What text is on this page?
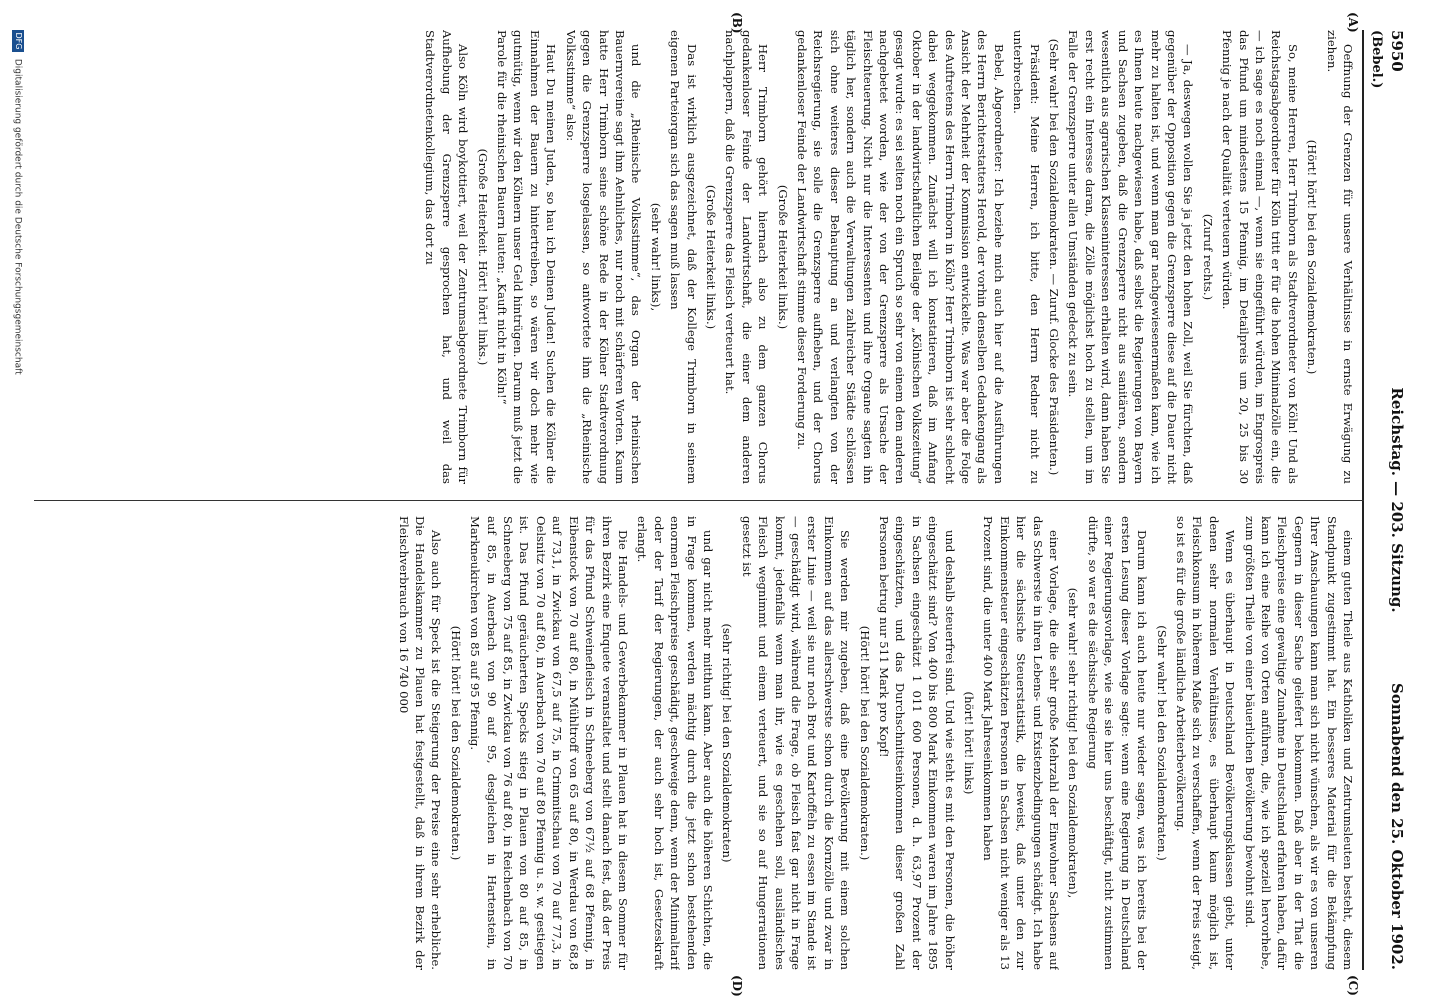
5950
Reichstag. — 203. Sitzung.
Sonnabend den 25. Oktober 1902.
(Bebel.)
(A)
(B)
(C)
(D)

Oeffnung der Grenzen für unsere Verhältnisse in ernste Erwägung zu ziehen.

(Hört! hört! bei den Sozialdemokraten.)

So, meine Herren, Herr Trimborn als Stadtverordneter von Köln! Und als Reichstagsabgeordneter für Köln tritt er für die hohen Minimalzölle ein, die — ich sage es noch einmal —, wenn sie eingeführt würden, im Engrospreis das Pfund um mindestens 15 Pfennig, im Detailpreis um 20, 25 bis 30 Pfennig je nach der Qualität verteuern würden.

(Zuruf rechts.)

— Ja, deswegen wollen Sie ja jetzt den hohen Zoll, weil Sie fürchten, daß gegenüber der Opposition gegen die Grenzsperre diese auf die Dauer nicht mehr zu halten ist, und wenn man gar nachgewiesenermaßen kann, wie ich es Ihnen heute nachgewiesen habe, daß selbst die Regierungen von Bayern und Sachsen zugeben, daß die Grenzsperre nicht aus sanitären, sondern wesentlich aus agrarischen Klasseninteressen erhalten wird, dann haben Sie erst recht ein Interesse daran, die Zölle möglichst hoch zu stellen, um im Falle der Grenzsperre unter allen Umständen gedeckt zu sein.

(Sehr wahr! bei den Sozialdemokraten. — Zuruf. Glocke des Präsidenten.)

Präsident: Meine Herren, ich bitte, den Herrn Redner nicht zu unterbrechen.

Bebel, Abgeordneter: Ich beziehe mich auch hier auf die Ausführungen des Herrn Berichterstatters Herold, der vorhin denselben Gedankengang als Ansicht der Mehrheit der Kommission entwickelte. Was war aber die Folge des Auftretens des Herrn Trimborn in Köln? Herr Trimborn ist sehr schlecht dabei weggekommen. Zunächst will ich konstatieren, daß im Anfang Oktober in der landwirtschaftlichen Beilage der „Kölnischen Volkszeitung“ gesagt wurde: es sei selten noch ein Spruch so sehr von einem dem anderen nachgebetet worden, wie der von der Grenzsperre als Ursache der Fleischteuerung. Nicht nur die Interessenten und ihre Organe sagten ihn täglich her, sondern auch die Verwaltungen zahlreicher Städte schlössen sich ohne weiteres dieser Behauptung an und verlangten von der Reichsregierung, sie solle die Grenzsperre aufheben, und der Chorus gedankenloser Feinde der Landwirtschaft stimme dieser Forderung zu.

(Große Heiterkeit links.)

Herr Trimborn gehört hiernach also zu dem ganzen Chorus gedankenloser Feinde der Landwirtschaft, die einer dem anderen nachplappern, daß die Grenzsperre das Fleisch verteuert hat.

(Große Heiterkeit links.)

Das ist wirklich ausgezeichnet, daß der Kollege Trimborn in seinem eigenen Parteiorgan sich das sagen muß lassen

(sehr wahr! links),

und die „Rheinische Volksstimme“, das Organ der rheinischen Bauernvereine sagt ihm Aehnliches, nur noch mit schärferen Worten. Kaum hatte Herr Trimborn seine schöne Rede in der Kölner Stadtverordnung gegen die Grenzsperre losgelassen, so antwortete ihm die „Rheinische Volksstimme“ also:

Haut Du meinen Juden, so hau ich Deinen Juden! Suchen die Kölner die Einnahmen der Bauern zu hintertreiben, so wären wir doch mehr wie gutmütig, wenn wir den Kölnern unser Geld hintrügen. Darum muß jetzt die Parole für die rheinischen Bauern lauten: „Kauft nicht in Köln!“

(Große Heiterkeit. Hört! hört! links.)

Also Köln wird boykottiert, weil der Zentrumsabgeordnete Trimborn für Aufhebung der Grenzsperre gesprochen hat, und weil das Stadtverordnetenkollegium, das dort zu

einem guten Theile aus Katholiken und Zentrumsleuten besteht, diesem Standpunkt zugestimmt hat. Ein besseres Material für die Bekämpfung Ihrer Anschauungen kann man sich nicht wünschen, als wir es von unseren Gegnern in dieser Sache geliefert bekommen. Daß aber in der That die Fleischpreise eine gewaltige Zunahme in Deutschland erfahren haben, dafür kann ich eine Reihe von Orten anführen, die, wie ich speziell hervorhebe, zum größten Theile von einer bäuerlichen Bevölkerung bewohnt sind.

Wenn es überhaupt in Deutschland Bevölkerungsklassen giebt, unter denen sehr normalen Verhältnisse, es überhaupt kaum möglich ist, Fleischkonsum in höherem Maße sich zu verschaffen, wenn der Preis steigt, so ist es für die große ländliche Arbeiterbevölkerung.

(Sehr wahr! bei den Sozialdemokraten.)

Darum kann ich auch heute nur wieder sagen, was ich bereits bei der ersten Lesung dieser Vorlage sagte: wenn eine Regierung in Deutschland einer Regierungsvorlage, wie sie sie hier uns beschäftigt, nicht zustimmen dürfte, so war es die sächsische Regierung

(sehr wahr! sehr richtig! bei den Sozialdemokraten),

einer Vorlage, die die sehr große Mehrzahl der Einwohner Sachsens auf das Schwerste in ihren Lebens- und Existenzbedingungen schädigt. Ich habe hier die sächsische Steuerstatistik, die beweist, daß unter den zur Einkommensteuer eingeschätzten Personen in Sachsen nicht weniger als 13 Prozent sind, die unter 400 Mark Jahreseinkommen haben

(hört! hört! links)

und deshalb steuerfrei sind. Und wie steht es mit den Personen, die höher eingeschätzt sind? Von 400 bis 800 Mark Einkommen waren im Jahre 1895 in Sachsen eingeschätzt 1 011 600 Personen, d. h. 63,97 Prozent der eingeschätzten, und das Durchschnittseinkommen dieser großen Zahl Personen betrug nur 511 Mark pro Kopf!

(Hört! hört! bei den Sozialdemokraten.)

Sie werden mir zugeben, daß eine Bevölkerung mit einem solchen Einkommen auf das allerschwerste schon durch die Kornzölle und zwar in erster Linie — weil sie nur noch Brot und Kartoffeln zu essen im Stande ist — geschädigt wird, während die Frage, ob Fleisch fast gar nicht in Frage kommt, jedenfalls wenn man ihr, wie es geschehen soll, ausländisches Fleisch wegnimmt und einem verteuert, und sie so auf Hungerrationen gesetzt ist

(sehr richtig! bei den Sozialdemokraten)

und gar nicht mehr mitthun kann. Aber auch die höheren Schichten, die in Frage kommen, werden mächtig durch die jetzt schon bestehenden enormen Fleischpreise geschädigt, geschweige denn, wenn der Minimaltarif oder der Tarif der Regierungen, der auch sehr hoch ist, Gesetzeskraft erlangt.

Die Handels- und Gewerbekammer in Plauen hat in diesem Sommer für ihren Bezirk eine Enquete veranstaltet und stellt danach fest, daß der Preis für das Pfund Schweinefleisch in Schneeberg von 67½ auf 68 Pfennig, in Eibenstock von 70 auf 80, in Mühltroff von 65 auf 80, in Werdau von 68,8 auf 73,1, in Zwickau von 67,5 auf 75, in Crimmitschau von 70 auf 77,3, in Oelsnitz von 70 auf 80, in Auerbach von 70 auf 80 Pfennig u. s. w. gestiegen ist. Das Pfund geräucherten Specks stieg in Plauen von 80 auf 85, in Schneeberg von 75 auf 85, in Zwickau von 76 auf 80, in Reichenbach von 70 auf 85, in Auerbach von 90 auf 95, desgleichen in Hartenstein, in Markneukirchen von 85 auf 95 Pfennig.

(Hört! hört! bei den Sozialdemokraten.)

Also auch für Speck ist die Steigerung der Preise eine sehr erhebliche. Die Handelskammer zu Plauen hat festgestellt, daß in ihrem Bezirk der Fleischverbrauch von 16 740 000

DFG Digitalisierung gefördert durch die Deutsche Forschungsgemeinschaft
